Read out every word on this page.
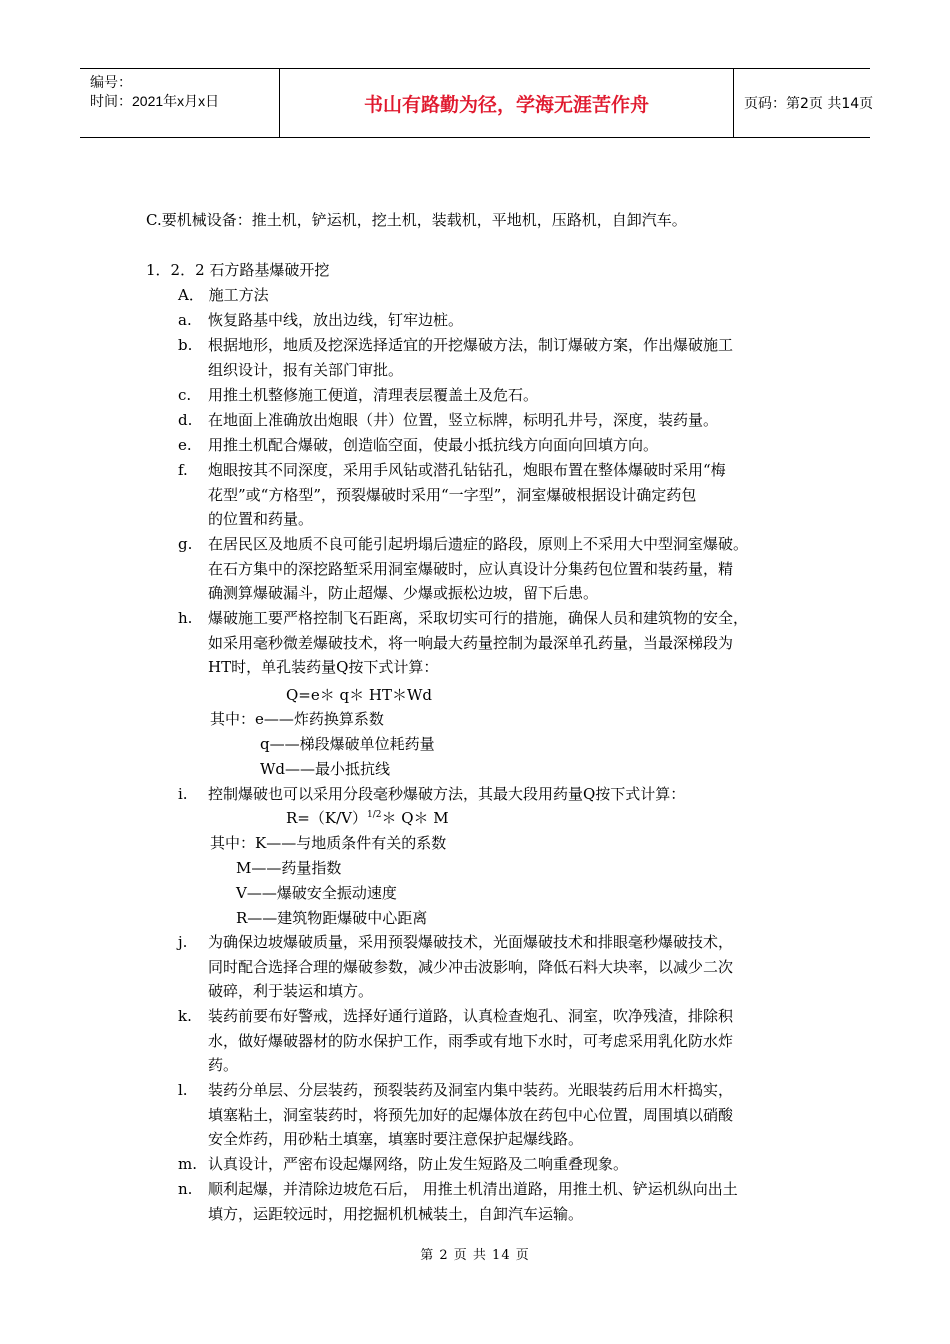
编号：
时间：2021年x月x日	书山有路勤为径，学海无涯苦作舟	页码：第2页 共14页
C.要机械设备：推土机，铲运机，挖土机，装载机，平地机，压路机，自卸汽车。
1．2．2 石方路基爆破开挖
A． 施工方法
a. 恢复路基中线，放出边线，钉牢边桩。
b. 根据地形，地质及挖深选择适宜的开挖爆破方法，制订爆破方案，作出爆破施工
组织设计，报有关部门审批。
c. 用推土机整修施工便道，清理表层覆盖土及危石。
d. 在地面上准确放出炮眼（井）位置，竖立标牌，标明孔井号，深度，装药量。
e. 用推土机配合爆破，创造临空面，使最小抵抗线方向面向回填方向。
f. 炮眼按其不同深度，采用手风钻或潜孔钻钻孔，炮眼布置在整体爆破时采用“梅
花型”或“方格型”，预裂爆破时采用“一字型”，洞室爆破根据设计确定药包
的位置和药量。
g. 在居民区及地质不良可能引起坍塌后遗症的路段，原则上不采用大中型洞室爆破。
在石方集中的深挖路堑采用洞室爆破时，应认真设计分集药包位置和装药量，精
确测算爆破漏斗，防止超爆、少爆或振松边坡，留下后患。
h. 爆破施工要严格控制飞石距离，采取切实可行的措施，确保人员和建筑物的安全，
如采用毫秒微差爆破技术，将一响最大药量控制为最深单孔药量，当最深梯段为
HT时，单孔装药量Q按下式计算：
Q=e＊ q＊ HT＊Wd
其中：e——炸药换算系数
q——梯段爆破单位耗药量
Wd——最小抵抗线
i. 控制爆破也可以采用分段毫秒爆破方法，其最大段用药量Q按下式计算：
$R=(K/V)^{1/2}*$ Q＊ M
其中：K——与地质条件有关的系数
M——药量指数
V——爆破安全振动速度
R——建筑物距爆破中心距离
j. 为确保边坡爆破质量，采用预裂爆破技术，光面爆破技术和排眼毫秒爆破技术，
同时配合选择合理的爆破参数，减少冲击波影响，降低石料大块率，以减少二次
破碎，利于装运和填方。
k. 装药前要布好警戒，选择好通行道路，认真检查炮孔、洞室，吹净残渣，排除积
水，做好爆破器材的防水保护工作，雨季或有地下水时，可考虑采用乳化防水炸
药。
l. 装药分单层、分层装药，预裂装药及洞室内集中装药。光眼装药后用木杆捣实，
填塞粘土，洞室装药时，将预先加好的起爆体放在药包中心位置，周围填以硝酸
安全炸药，用砂粘土填塞，填塞时要注意保护起爆线路。
m. 认真设计，严密布设起爆网络，防止发生短路及二响重叠现象。
n. 顺利起爆，并清除边坡危石后， 用推土机清出道路，用推土机、铲运机纵向出土
填方，运距较远时，用挖掘机机械装土，自卸汽车运输。
第 2 页 共 14 页
